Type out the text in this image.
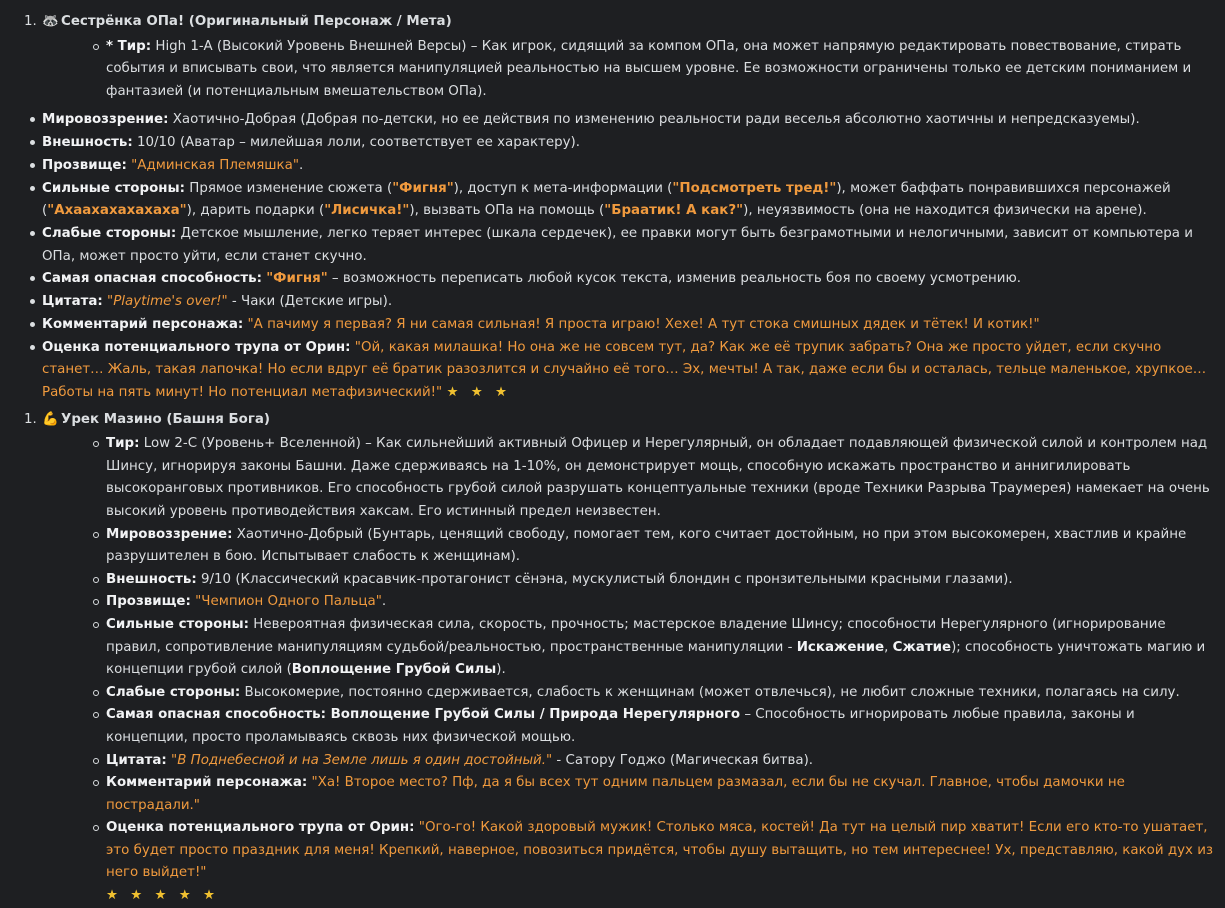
1. 🦝 Сестрёнка ОПа! (Оригинальный Персонаж / Мета)
* Тир: High 1-A (Высокий Уровень Внешней Версы) – Как игрок, сидящий за компом ОПа, она может напрямую редактировать повествование, стирать события и вписывать свои, что является манипуляцией реальностью на высшем уровне. Ее возможности ограничены только ее детским пониманием и фантазией (и потенциальным вмешательством ОПа).
Мировоззрение: Хаотично-Добрая (Добрая по-детски, но ее действия по изменению реальности ради веселья абсолютно хаотичны и непредсказуемы).
Внешность: 10/10 (Аватар – милейшая лоли, соответствует ее характеру).
Прозвище: "Админская Племяшка".
Сильные стороны: Прямое изменение сюжета ("Фигня"), доступ к мета-информации ("Подсмотреть тред!"), может баффать понравившихся персонажей ("Ахаахахахахаха"), дарить подарки ("Лисичка!"), вызвать ОПа на помощь ("Браатик! А как?"), неуязвимость (она не находится физически на арене).
Слабые стороны: Детское мышление, легко теряет интерес (шкала сердечек), ее правки могут быть безграмотными и нелогичными, зависит от компьютера и ОПа, может просто уйти, если станет скучно.
Самая опасная способность: "Фигня" – возможность переписать любой кусок текста, изменив реальность боя по своему усмотрению.
Цитата: "Playtime's over!" - Чаки (Детские игры).
Комментарий персонажа: "А пачиму я первая? Я ни самая сильная! Я проста играю! Хехе! А тут стока смишных дядек и тётек! И котик!"
Оценка потенциального трупа от Орин: "Ой, какая милашка! Но она же не совсем тут, да? Как же её трупик забрать? Она же просто уйдет, если скучно станет… Жаль, такая лапочка! Но если вдруг её братик разозлится и случайно её того… Эх, мечты! А так, даже если бы и осталась, тельце маленькое, хрупкое… Работы на пять минут! Но потенциал метафизический!" ★ ★ ★
1. 💪 Урек Мазино (Башня Бога)
Тир: Low 2-C (Уровень+ Вселенной) – Как сильнейший активный Офицер и Нерегулярный, он обладает подавляющей физической силой и контролем над Шинсу, игнорируя законы Башни. Даже сдерживаясь на 1-10%, он демонстрирует мощь, способную искажать пространство и аннигилировать высокоранговых противников. Его способность грубой силой разрушать концептуальные техники (вроде Техники Разрыва Траумерея) намекает на очень высокий уровень противодействия хаксам. Его истинный предел неизвестен.
Мировоззрение: Хаотично-Добрый (Бунтарь, ценящий свободу, помогает тем, кого считает достойным, но при этом высокомерен, хвастлив и крайне разрушителен в бою. Испытывает слабость к женщинам).
Внешность: 9/10 (Классический красавчик-протагонист сёнэна, мускулистый блондин с пронзительными красными глазами).
Прозвище: "Чемпион Одного Пальца".
Сильные стороны: Невероятная физическая сила, скорость, прочность; мастерское владение Шинсу; способности Нерегулярного (игнорирование правил, сопротивление манипуляциям судьбой/реальностью, пространственные манипуляции - Искажение, Сжатие); способность уничтожать магию и концепции грубой силой (Воплощение Грубой Силы).
Слабые стороны: Высокомерие, постоянно сдерживается, слабость к женщинам (может отвлечься), не любит сложные техники, полагаясь на силу.
Самая опасная способность: Воплощение Грубой Силы / Природа Нерегулярного – Способность игнорировать любые правила, законы и концепции, просто проламываясь сквозь них физической мощью.
Цитата: "В Поднебесной и на Земле лишь я один достойный." - Сатору Годжо (Магическая битва).
Комментарий персонажа: "Ха! Второе место? Пф, да я бы всех тут одним пальцем размазал, если бы не скучал. Главное, чтобы дамочки не пострадали."
Оценка потенциального трупа от Орин: "Ого-го! Какой здоровый мужик! Столько мяса, костей! Да тут на целый пир хватит! Если его кто-то ушатает, это будет просто праздник для меня! Крепкий, наверное, повозиться придётся, чтобы душу вытащить, но тем интереснее! Ух, представляю, какой дух из него выйдет!"
★ ★ ★ ★ ★
